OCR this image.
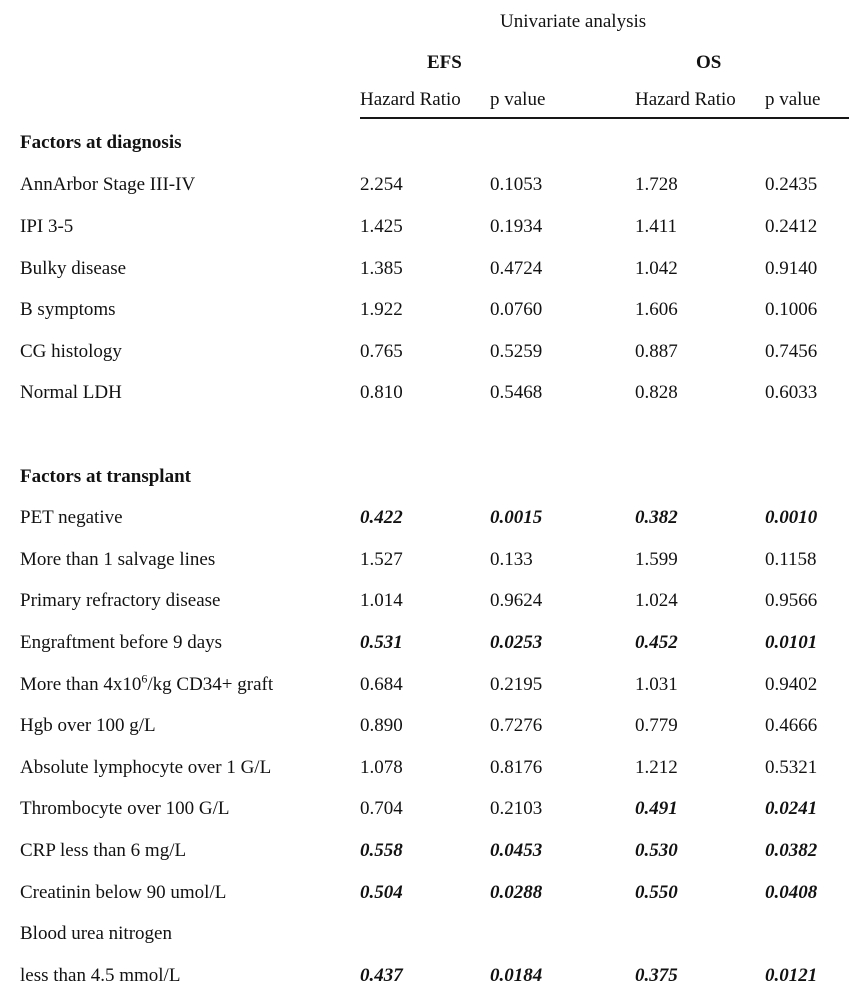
	Univariate analysis			
	EFS		OS	
	Hazard Ratio	p value	Hazard Ratio	p value
Factors at diagnosis				
AnnArbor Stage III-IV	2.254	0.1053	1.728	0.2435
IPI 3-5	1.425	0.1934	1.411	0.2412
Bulky disease	1.385	0.4724	1.042	0.9140
B symptoms	1.922	0.0760	1.606	0.1006
CG histology	0.765	0.5259	0.887	0.7456
Normal LDH	0.810	0.5468	0.828	0.6033

Factors at transplant				
PET negative	0.422	0.0015	0.382	0.0010
More than 1 salvage lines	1.527	0.133	1.599	0.1158
Primary refractory disease	1.014	0.9624	1.024	0.9566
Engraftment before 9 days	0.531	0.0253	0.452	0.0101
More than $4x10^6/kg$ CD34+ graft	0.684	0.2195	1.031	0.9402
Hgb over 100 g/L	0.890	0.7276	0.779	0.4666
Absolute lymphocyte over 1 G/L	1.078	0.8176	1.212	0.5321
Thrombocyte over 100 G/L	0.704	0.2103	0.491	0.0241
CRP less than 6 mg/L	0.558	0.0453	0.530	0.0382
Creatinin below 90 umol/L	0.504	0.0288	0.550	0.0408
Blood urea nitrogen				
less than 4.5 mmol/L	0.437	0.0184	0.375	0.0121
